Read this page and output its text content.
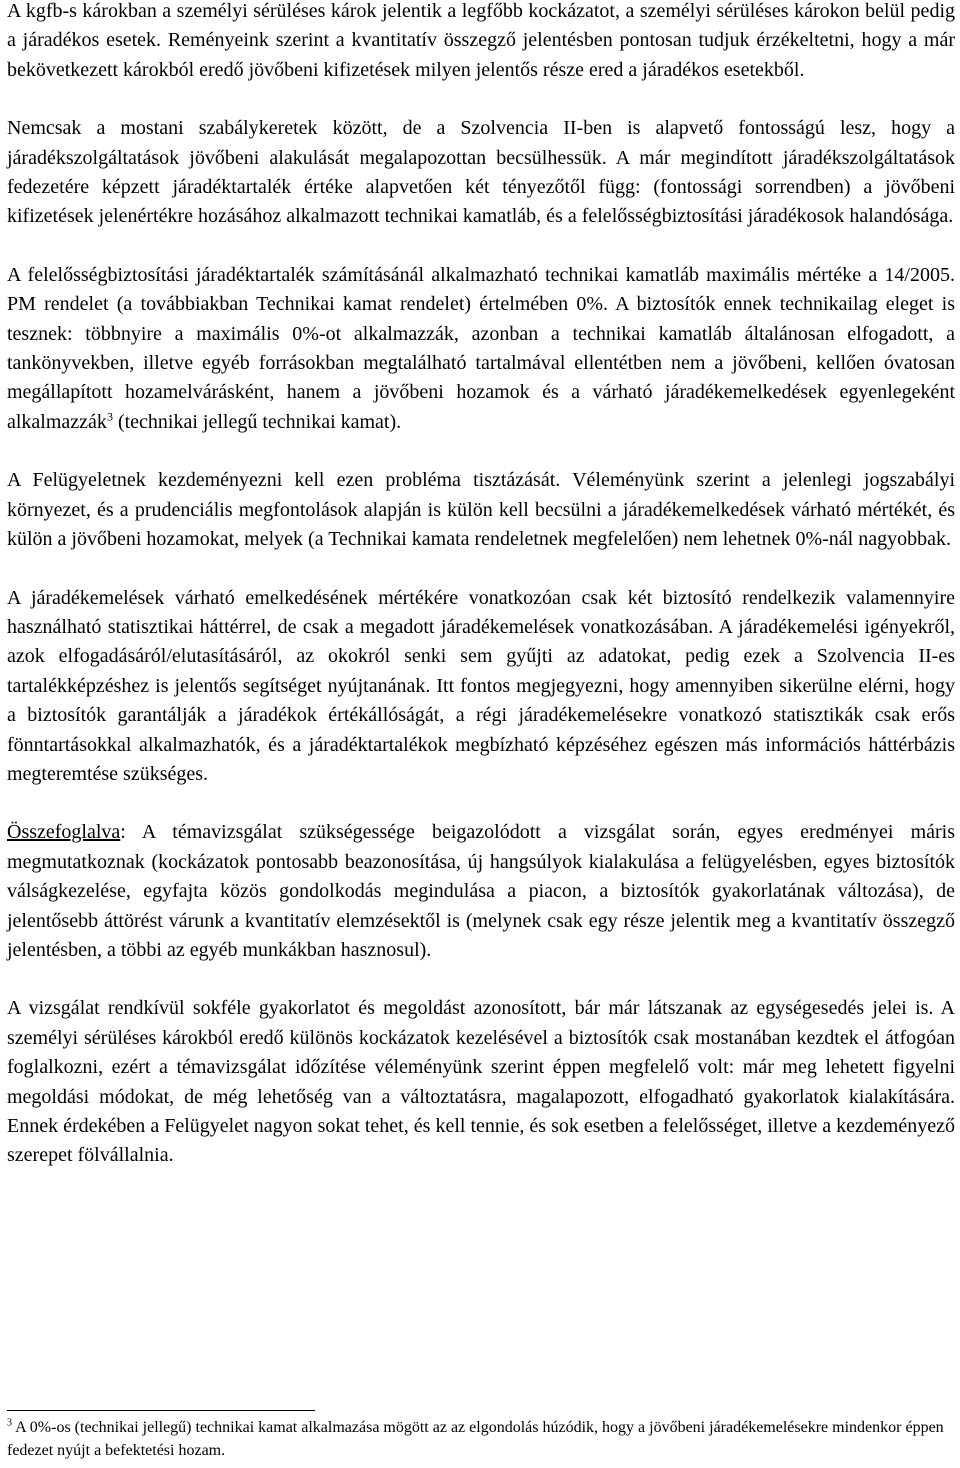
A kgfb-s károkban a személyi sérüléses károk jelentik a legfőbb kockázatot, a személyi sérüléses károkon belül pedig a járadékos esetek. Reményeink szerint a kvantitatív összegző jelentésben pontosan tudjuk érzékeltetni, hogy a már bekövetkezett károkból eredő jövőbeni kifizetések milyen jelentős része ered a járadékos esetekből.

Nemcsak a mostani szabálykeretek között, de a Szolvencia II-ben is alapvető fontosságú lesz, hogy a járadékszolgáltatások jövőbeni alakulását megalapozottan becsülhessük. A már megindított járadékszolgáltatások fedezetére képzett járadéktartalék értéke alapvetően két tényezőtől függ: (fontossági sorrendben) a jövőbeni kifizetések jelenértékre hozásához alkalmazott technikai kamatláb, és a felelősségbiztosítási járadékosok halandósága.

A felelősségbiztosítási járadéktartalék számításánál alkalmazható technikai kamatláb maximális mértéke a 14/2005. PM rendelet (a továbbiakban Technikai kamat rendelet) értelmében 0%. A biztosítók ennek technikailag eleget is tesznek: többnyire a maximális 0%-ot alkalmazzák, azonban a technikai kamatláb általánosan elfogadott, a tankönyvekben, illetve egyéb forrásokban megtalálható tartalmával ellentétben nem a jövőbeni, kellően óvatosan megállapított hozamelvárásként, hanem a jövőbeni hozamok és a várható járadékemelkedések egyenlegeként alkalmazzák$^3$ (technikai jellegű technikai kamat).

A Felügyeletnek kezdeményezni kell ezen probléma tisztázását. Véleményünk szerint a jelenlegi jogszabályi környezet, és a prudenciális megfontolások alapján is külön kell becsülni a járadékemelkedések várható mértékét, és külön a jövőbeni hozamokat, melyek (a Technikai kamata rendeletnek megfelelően) nem lehetnek 0%-nál nagyobbak.

A járadékemelések várható emelkedésének mértékére vonatkozóan csak két biztosító rendelkezik valamennyire használható statisztikai háttérrel, de csak a megadott járadékemelések vonatkozásában. A járadékemelési igényekről, azok elfogadásáról/elutasításáról, az okokról senki sem gyűjti az adatokat, pedig ezek a Szolvencia II-es tartalékképzéshez is jelentős segítséget nyújtanának. Itt fontos megjegyezni, hogy amennyiben sikerülne elérni, hogy a biztosítók garantálják a járadékok értékállóságát, a régi járadékemelésekre vonatkozó statisztikák csak erős fönntartásokkal alkalmazhatók, és a járadéktartalékok megbízható képzéséhez egészen más információs háttérbázis megteremtése szükséges.

Összefoglalva: A témavizsgálat szükségessége beigazolódott a vizsgálat során, egyes eredményei máris megmutatkoznak (kockázatok pontosabb beazonosítása, új hangsúlyok kialakulása a felügyelésben, egyes biztosítók válságkezelése, egyfajta közös gondolkodás megindulása a piacon, a biztosítók gyakorlatának változása), de jelentősebb áttörést várunk a kvantitatív elemzésektől is (melynek csak egy része jelentik meg a kvantitatív összegző jelentésben, a többi az egyéb munkákban hasznosul).

A vizsgálat rendkívül sokféle gyakorlatot és megoldást azonosított, bár már látszanak az egységesedés jelei is. A személyi sérüléses károkból eredő különös kockázatok kezelésével a biztosítók csak mostanában kezdtek el átfogóan foglalkozni, ezért a témavizsgálat időzítése véleményünk szerint éppen megfelelő volt: már meg lehetett figyelni megoldási módokat, de még lehetőség van a változtatásra, magalapozott, elfogadható gyakorlatok kialakítására. Ennek érdekében a Felügyelet nagyon sokat tehet, és kell tennie, és sok esetben a felelősséget, illetve a kezdeményező szerepet fölvállalnia.

$^3$ A 0%-os (technikai jellegű) technikai kamat alkalmazása mögött az az elgondolás húzódik, hogy a jövőbeni járadékemelésekre mindenkor éppen fedezet nyújt a befektetési hozam.
